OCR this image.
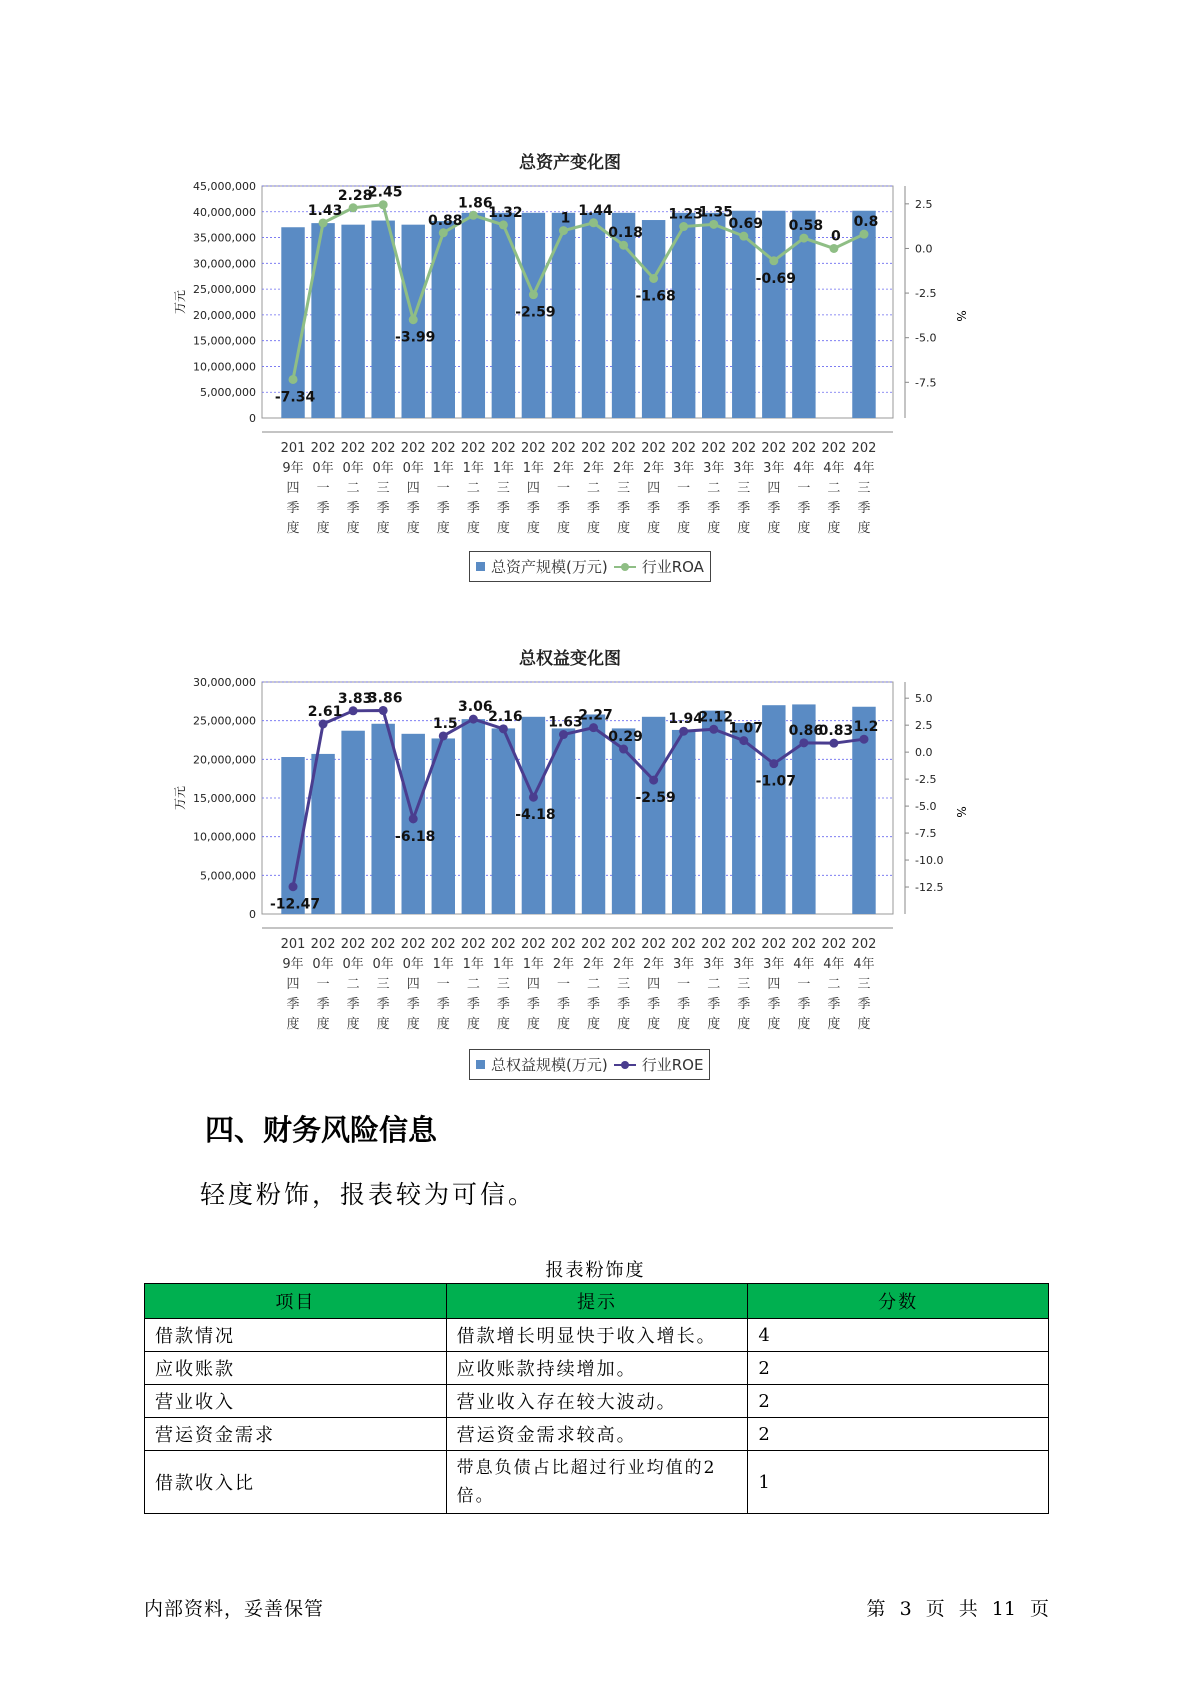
总资产变化图
0
5,000,000
10,000,000
15,000,000
20,000,000
25,000,000
30,000,000
35,000,000
40,000,000
45,000,000
万元
-7.5
-5.0
-2.5
0.0
2.5
%
-7.34
1.43
2.28
2.45
-3.99
0.88
1.86
1.32
-2.59
1 1.44
0.18
-1.68
1.23
1.35
0.69
-0.69
0.58
0
0.8
201 9年四季度
202 0年一季度
202 0年二季度
202 0年三季度
202 0年四季度
202 1年一季度
202 1年二季度
202 1年三季度
202 1年四季度
202 2年一季度
202 2年二季度
202 2年三季度
202 2年四季度
202 3年一季度
202 3年二季度
202 3年三季度
202 3年四季度
202 4年一季度
202 4年二季度
202 4年三季度
总资产规模(万元) 行业ROA
总权益变化图
0
5,000,000
10,000,000
15,000,000
20,000,000
25,000,000
30,000,000
万元
-12.5
-10.0
-7.5
-5.0
-2.5
0.0
2.5
5.0
%
-12.47
2.61
3.83
3.86
-6.18
1.5
3.06
2.16
-4.18
1.63
2.27
0.29
-2.59
1.94
2.12
1.07
-1.07
0.86
0.83 1.2
201 9年四季度
202 0年一季度
202 0年二季度
202 0年三季度
202 0年四季度
202 1年一季度
202 1年二季度
202 1年三季度
202 1年四季度
202 2年一季度
202 2年二季度
202 2年三季度
202 2年四季度
202 3年一季度
202 3年二季度
202 3年三季度
202 3年四季度
202 4年一季度
202 4年二季度
202 4年三季度
总权益规模(万元) 行业ROE
四、财务风险信息
轻度粉饰，报表较为可信。
报表粉饰度
项目	提示	分数
借款情况	借款增长明显快于收入增长。	4
应收账款	应收账款持续增加。	2
营业收入	营业收入存在较大波动。	2
营运资金需求	营运资金需求较高。	2
借款收入比	带息负债占比超过行业均值的2倍。	1
内部资料，妥善保管	第 3 页 共 11 页
